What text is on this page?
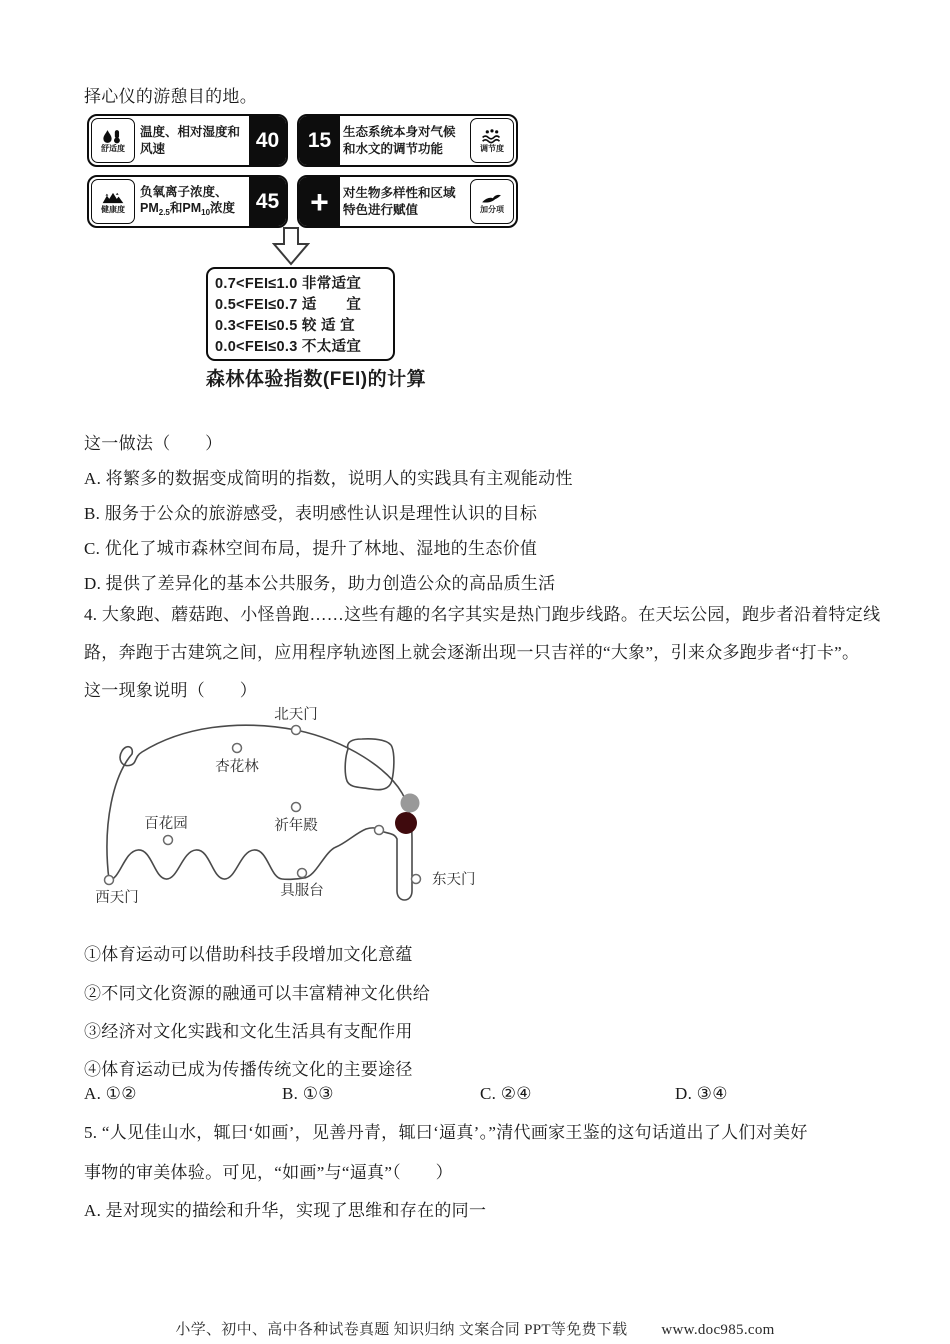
择心仪的游憩目的地。
舒适度
温度、相对湿度和风速	40	15 生态系统本身对气候和水文的调节功能	调节度
健康度
负氧离子浓度、$PM_{2.5}$和$PM_{10}$浓度 45 +	对生物多样性和区域特色进行赋值	加分项
0.7<FEI≤1.0 非常适宜
0.5<FEI≤0.7 适　　宜
0.3<FEI≤0.5 较 适 宜
0.0<FEI≤0.3 不太适宜
森林体验指数(FEI)的计算
这一做法（　　）
A. 将繁多的数据变成简明的指数，说明人的实践具有主观能动性
B. 服务于公众的旅游感受，表明感性认识是理性认识的目标
C. 优化了城市森林空间布局，提升了林地、湿地的生态价值
D. 提供了差异化的基本公共服务，助力创造公众的高品质生活
4. 大象跑、蘑菇跑、小怪兽跑……这些有趣的名字其实是热门跑步线路。在天坛公园，跑步者沿着特定线
路，奔跑于古建筑之间，应用程序轨迹图上就会逐渐出现一只吉祥的“大象”，引来众多跑步者“打卡”。
这一现象说明（　　）
北天门
杏花林
百花园	祈年殿
具服台
西天门
东天门
①体育运动可以借助科技手段增加文化意蕴
②不同文化资源的融通可以丰富精神文化供给
③经济对文化实践和文化生活具有支配作用
④体育运动已成为传播传统文化的主要途径
A. ①②	B. ①③	C. ②④	D. ③④
5. “人见佳山水，辄曰‘如画’，见善丹青，辄曰‘逼真’。”清代画家王鉴的这句话道出了人们对美好
事物的审美体验。可见，“如画”与“逼真”（　　）
A. 是对现实的描绘和升华，实现了思维和存在的同一
小学、初中、高中各种试卷真题 知识归纳 文案合同 PPT等免费下载 www.doc985.com
